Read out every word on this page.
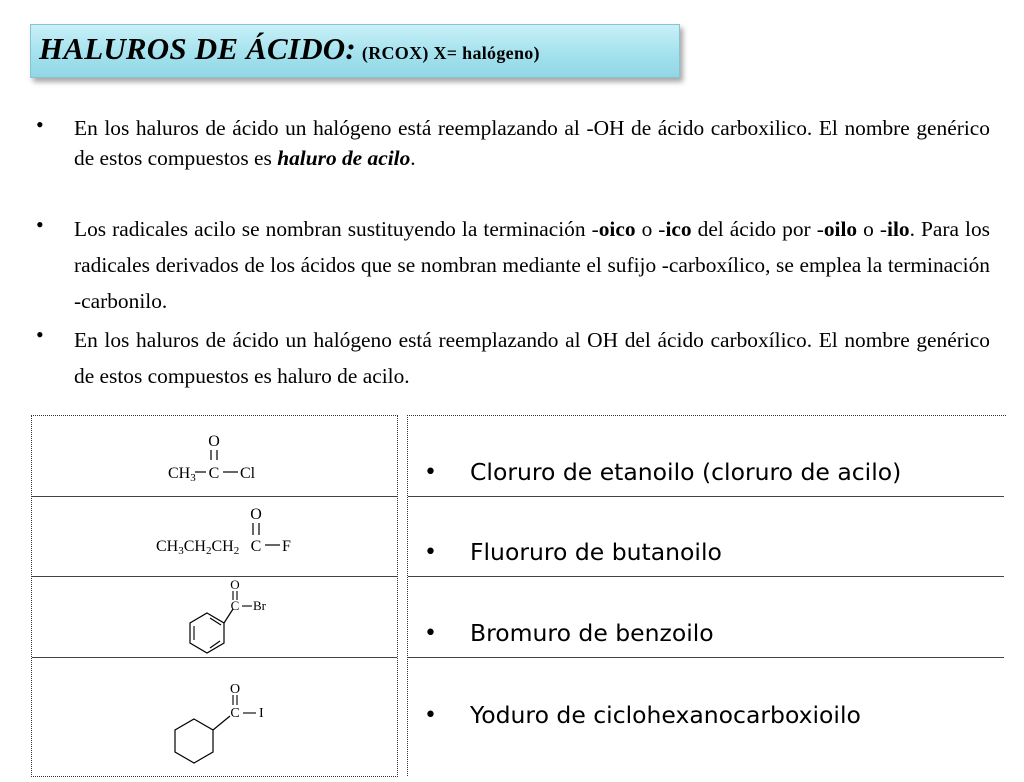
HALUROS DE ÁCIDO: (RCOX) X= halógeno)
• En los haluros de ácido un halógeno está reemplazando al -OH de ácido carboxilico. El nombre genérico de estos compuestos es haluro de acilo.
• Los radicales acilo se nombran sustituyendo la terminación -oico o -ico del ácido por -oilo o -ilo. Para los radicales derivados de los ácidos que se nombran mediante el sufijo -carboxílico, se emplea la terminación -carbonilo.
• En los haluros de ácido un halógeno está reemplazando al OH del ácido carboxílico. El nombre genérico de estos compuestos es haluro de acilo.
O
CH3 C Cl
O
CH3CH2CH2 C F
C
O
Br
C
O
I
• Cloruro de etanoilo (cloruro de acilo)
• Fluoruro de butanoilo
• Bromuro de benzoilo
• Yoduro de ciclohexanocarboxioilo
